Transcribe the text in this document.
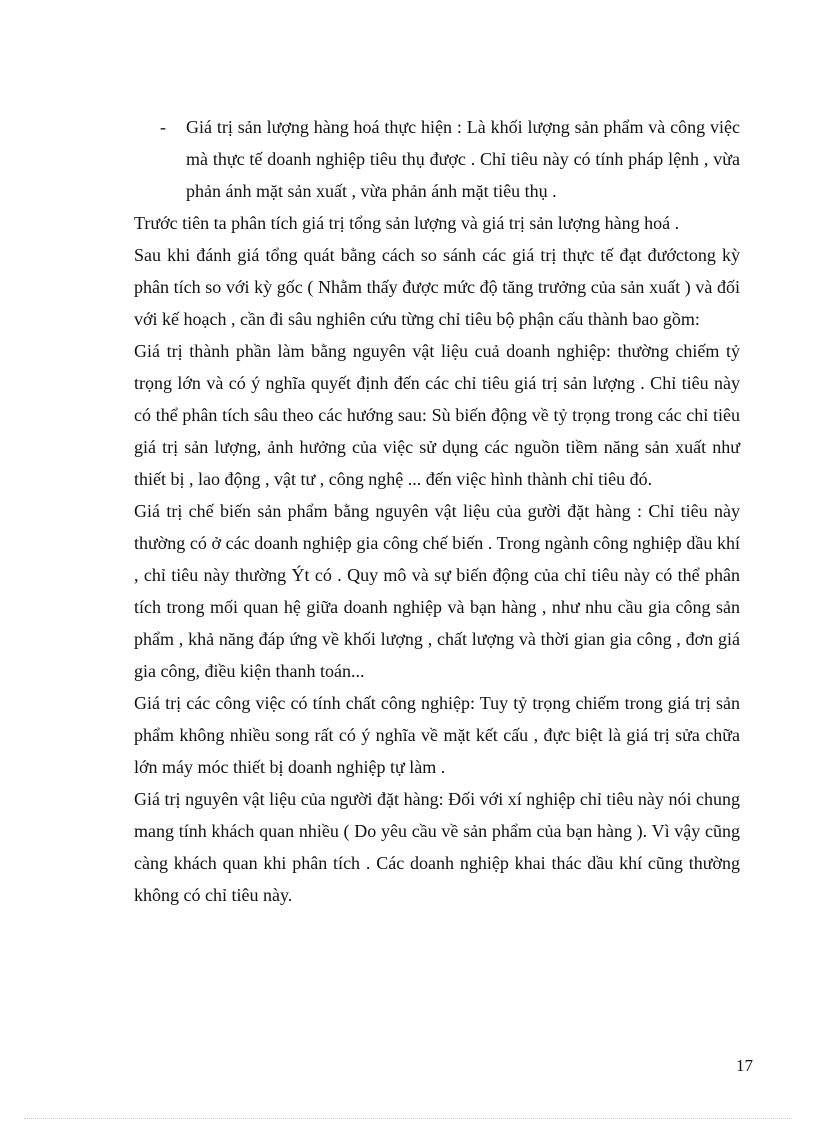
- Giá trị sản lượng hàng hoá thực hiện : Là khối lượng sản phẩm và công việc mà thực tế doanh nghiệp tiêu thụ được . Chỉ tiêu này có tính pháp lệnh , vừa phản ánh mặt sản xuất , vừa phản ánh mặt tiêu thụ .

Trước tiên ta phân tích giá trị tổng sản lượng và giá trị sản lượng hàng hoá .

Sau khi đánh giá tổng quát bằng cách so sánh các giá trị thực tế đạt đướctong kỳ phân tích so với kỳ gốc ( Nhằm thấy được mức độ tăng trưởng của sản xuất ) và đối với kế hoạch , cần đi sâu nghiên cứu từng chỉ tiêu bộ phận cấu thành bao gồm:

Giá trị thành phần làm bằng nguyên vật liệu cuả doanh nghiệp: thường chiếm tỷ trọng lớn và có ý nghĩa quyết định đến các chỉ tiêu giá trị sản lượng . Chỉ tiêu này có thể phân tích sâu theo các hướng sau: Sù biến động về tỷ trọng trong các chỉ tiêu giá trị sản lượng, ảnh hưởng của việc sử dụng các nguồn tiềm năng sản xuất như thiết bị , lao động , vật tư , công nghệ ... đến việc hình thành chỉ tiêu đó.

Giá trị chế biến sản phẩm bằng nguyên vật liệu của gười đặt hàng : Chỉ tiêu này thường có ở các doanh nghiệp gia công chế biến . Trong ngành công nghiệp dầu khí , chỉ tiêu này thường Ýt có . Quy mô và sự biến động của chỉ tiêu này có thể phân tích trong mối quan hệ giữa doanh nghiệp và bạn hàng , như nhu cầu gia công sản phẩm , khả năng đáp ứng về khối lượng , chất lượng và thời gian gia công , đơn giá gia công, điều kiện thanh toán...

Giá trị các công việc có tính chất công nghiệp: Tuy tỷ trọng chiếm trong giá trị sản phẩm không nhiều song rất có ý nghĩa về mặt kết cấu , đực biệt là giá trị sửa chữa lớn máy móc thiết bị doanh nghiệp tự làm .

Giá trị nguyên vật liệu của người đặt hàng: Đối với xí nghiệp chỉ tiêu này nói chung mang tính khách quan nhiều ( Do yêu cầu về sản phẩm của bạn hàng ). Vì vậy cũng càng khách quan khi phân tích . Các doanh nghiệp khai thác dầu khí cũng thường không có chỉ tiêu này.

17
